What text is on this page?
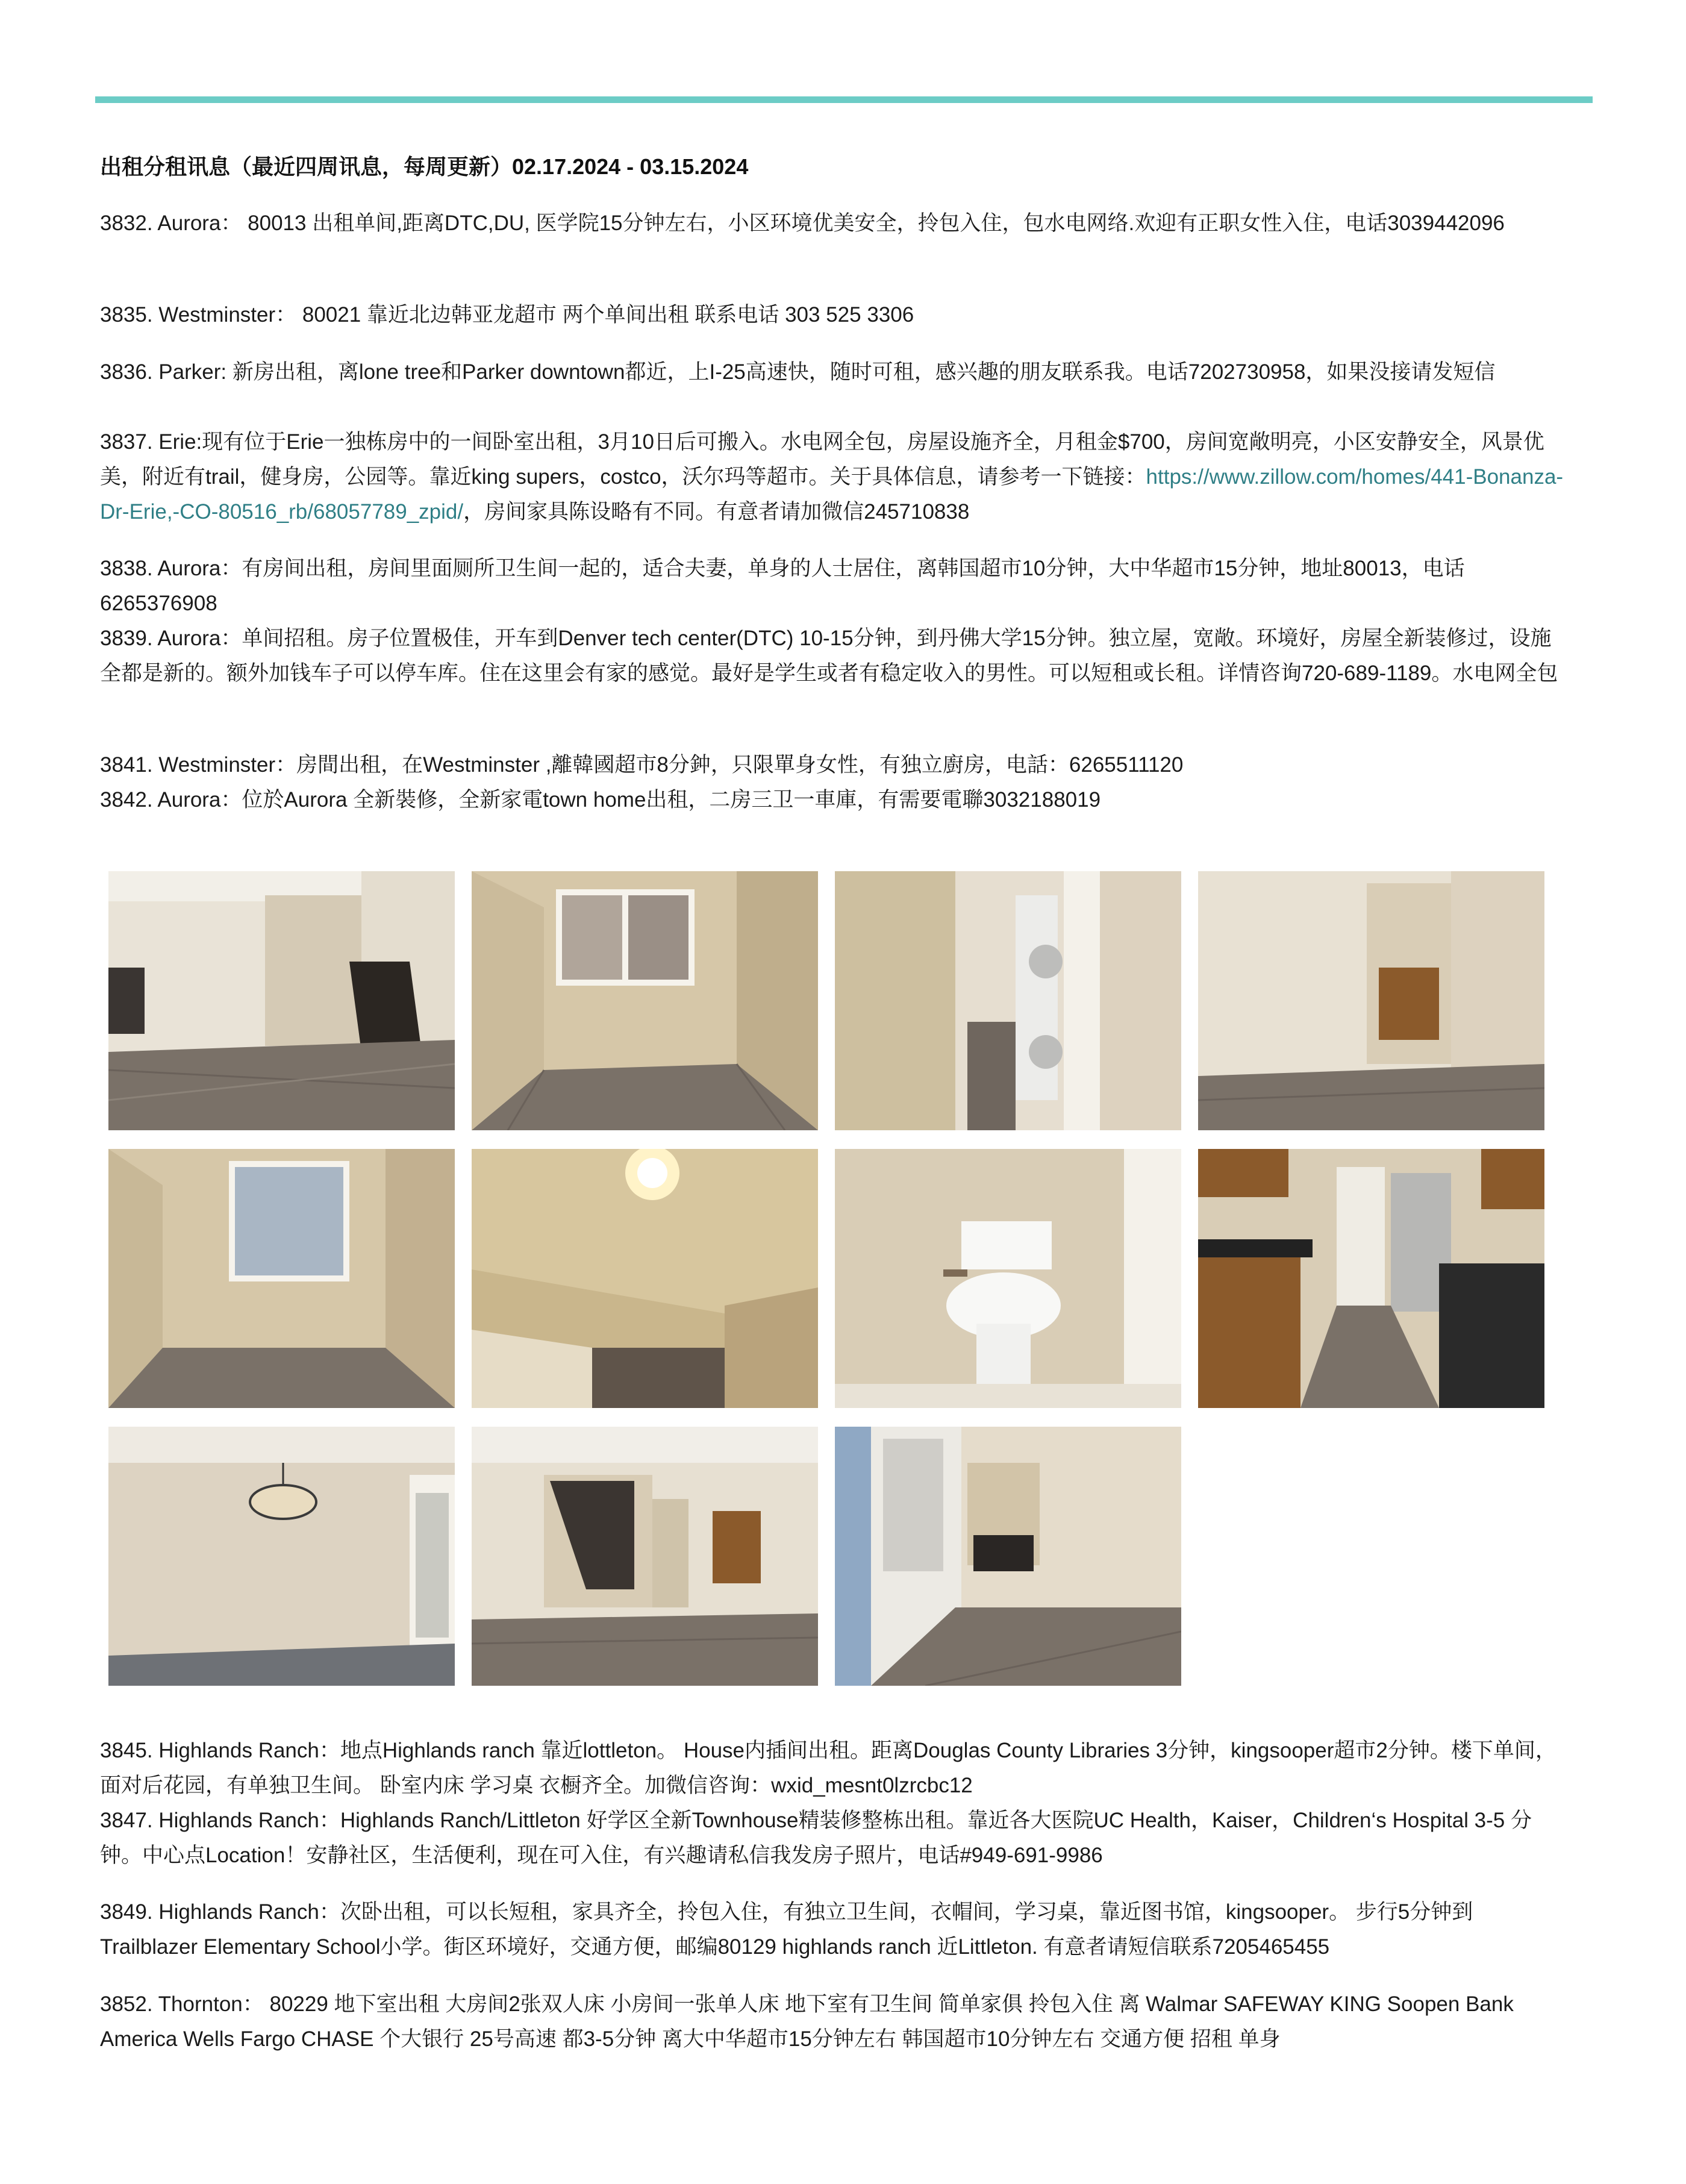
出租分租讯息（最近四周讯息，每周更新）02.17.2024 - 03.15.2024

3832. Aurora： 80013 出租单间,距离DTC,DU, 医学院15分钟左右，小区环境优美安全，拎包入住，包水电网络.欢迎有正职女性入住，电话3039442096

3835. Westminster： 80021 靠近北边韩亚龙超市 两个单间出租 联系电话 303 525 3306

3836. Parker: 新房出租，离lone tree和Parker downtown都近，上I-25高速快，随时可租，感兴趣的朋友联系我。电话7202730958，如果没接请发短信

3837. Erie:现有位于Erie一独栋房中的一间卧室出租，3月10日后可搬入。水电网全包，房屋设施齐全，月租金$700，房间宽敞明亮，小区安静安全，风景优美，附近有trail，健身房，公园等。靠近king supers，costco，沃尔玛等超市。关于具体信息，请参考一下链接：https://www.zillow.com/homes/441-Bonanza-Dr-Erie,-CO-80516_rb/68057789_zpid/，房间家具陈设略有不同。有意者请加微信245710838

3838. Aurora：有房间出租，房间里面厕所卫生间一起的，适合夫妻，单身的人士居住，离韩国超市10分钟，大中华超市15分钟，地址80013，电话6265376908

3839. Aurora：单间招租。房子位置极佳，开车到Denver tech center(DTC) 10-15分钟，到丹佛大学15分钟。独立屋，宽敞。环境好，房屋全新装修过，设施全都是新的。额外加钱车子可以停车库。住在这里会有家的感觉。最好是学生或者有稳定收入的男性。可以短租或长租。详情咨询720-689-1189。水电网全包

3841. Westminster：房間出租，在Westminster ,離韓國超市8分鈡，只限單身女性，有独立廚房，电話：6265511120

3842. Aurora：位於Aurora 全新裝修，全新家電town home出租，二房三卫一車庫，有需要電聯3032188019

3845. Highlands Ranch：地点Highlands ranch 靠近lottleton。 House内插间出租。距离Douglas County Libraries 3分钟，kingsooper超市2分钟。楼下单间，面对后花园，有单独卫生间。 卧室内床 学习桌 衣橱齐全。加微信咨询：wxid_mesnt0lzrcbc12

3847. Highlands Ranch：Highlands Ranch/Littleton 好学区全新Townhouse精装修整栋出租。靠近各大医院UC Health，Kaiser，Children‘s Hospital 3-5 分钟。中心点Location！安静社区，生活便利，现在可入住，有兴趣请私信我发房子照片，电话#949-691-9986

3849. Highlands Ranch：次卧出租，可以长短租，家具齐全，拎包入住，有独立卫生间，衣帽间，学习桌，靠近图书馆，kingsooper。 步行5分钟到 Trailblazer Elementary School小学。街区环境好，交通方便，邮编80129 highlands ranch 近Littleton. 有意者请短信联系7205465455

3852. Thornton： 80229 地下室出租 大房间2张双人床 小房间一张单人床 地下室有卫生间 简单家俱 拎包入住 离 Walmar SAFEWAY KING Soopen Bank America Wells Fargo CHASE 个大银行 25号高速 都3-5分钟 离大中华超市15分钟左右 韩国超市10分钟左右 交通方便 招租 单身
